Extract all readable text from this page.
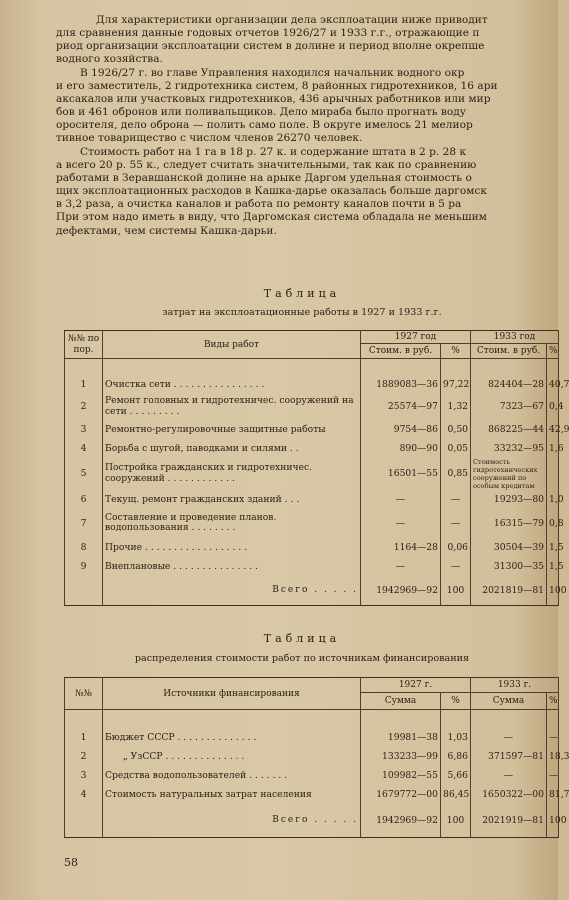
Для характеристики организации дела эксплоатации ниже приводит
для сравнения данные годовых отчетов 1926/27 и 1933 г.г., отражающие п
риод организации эксплоатации систем в долине и период вполне окрепше
водного хозяйства.
В 1926/27 г. во главе Управления находился начальник водного окр
и его заместитель, 2 гидротехника систем, 8 районных гидротехников, 16 ари
аксакалов или участковых гидротехников, 436 арычных работников или мир
бов и 461 обронов или поливальщиков. Дело мираба было прогнать воду
оросителя, дело оброна — полить само поле. В округе имелось 21 мелиор
тивное товарищество с числом членов 26270 человек.
Стоимость работ на 1 га в 18 р. 27 к. и содержание штата в 2 р. 28 к
а всего 20 р. 55 к., следует считать значительными, так как по сравнению
работами в Зеравшанской долине на арыке Даргом удельная стоимость о
щих эксплоатационных расходов в Кашка-дарье оказалась больше даргомск
в 3,2 раза, а очистка каналов и работа по ремонту каналов почти в 5 ра
При этом надо иметь в виду, что Даргомская система обладала не меньшим
дефектами, чем системы Кашка-дарьи.
Таблица
затрат на эксплоатационные работы в 1927 и 1933 г.г.
№№ по пор.	Виды работ	1927 год		1933 год	
		Стоим. в руб.	%	Стоим. в руб.	%

1	Очистка сети . . . . . . . . . . . . . . . .	1889083—36	97,22	824404—28	40,7
2	Ремонт головных и гидротехничес. сооружений на сети . . . . . . . . .	25574—97	1,32	7323—67	0,4
3	Ремонтно-регулировочные защитные работы	9754—86	0,50	868225—44	42,9
4	Борьба с шугой, паводками и силями . .	890—90	0,05	33232—95	1,6
5	Постройка гражданских и гидротехничес. сооружений . . . . . . . . . . . .	16501—55	0,85	Стоимость гидротехнических сооружений по особым кредитам	
6	Текущ. ремонт гражданских зданий . . .	—	—	19293—80	1,0
7	Составление и проведение планов. водопользования . . . . . . . .	—	—	16315—79	0,8
8	Прочие . . . . . . . . . . . . . . . . . .	1164—28	0,06	30504—39	1,5
9	Внеплановые . . . . . . . . . . . . . . .	—	—	31300—35	1,5
	Всего . . . . .	1942969—92	100	2021819—81	100
Таблица
распределения стоимости работ по источникам финансирования
№№	Источники финансирования	1927 г.		1933 г.	
		Сумма	%	Сумма	%

1	Бюджет СССР . . . . . . . . . . . . . .	19981—38	1,03	—	—
2	„ УзССР . . . . . . . . . . . . . .	133233—99	6,86	371597—81	18,3
3	Средства водопользователей . . . . . . .	109982—55	5,66	—	—
4	Стоимость натуральных затрат населения	1679772—00	86,45	1650322—00	81,7
	Всего . . . . .	1942969—92	100	2021919—81	100
58
